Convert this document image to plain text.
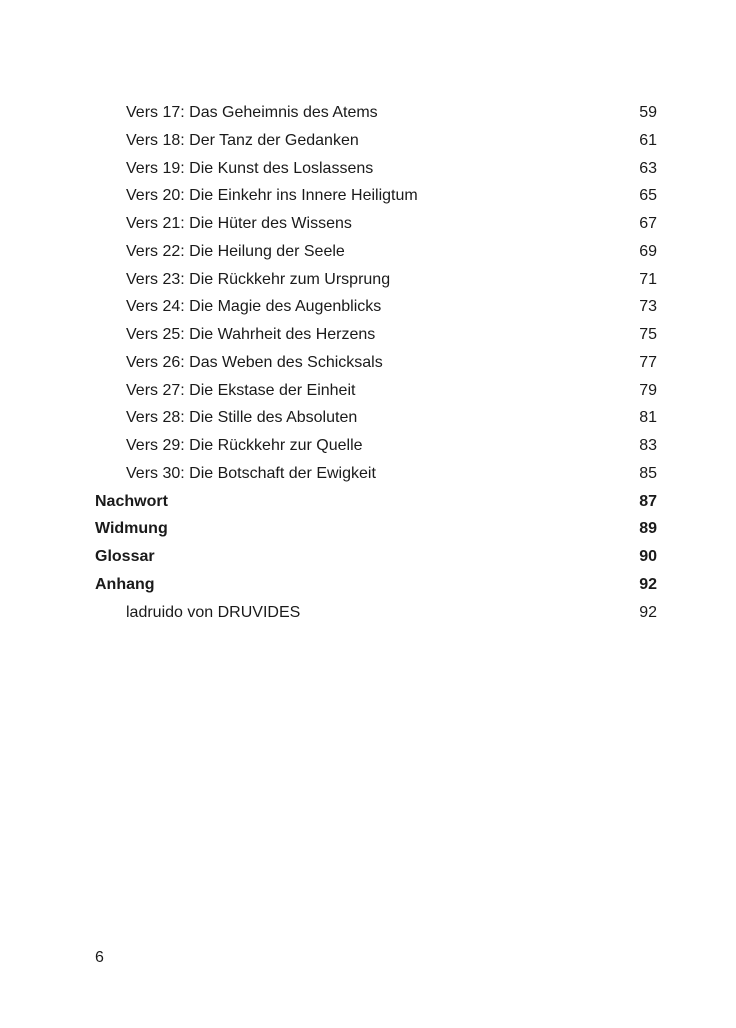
Vers 17: Das Geheimnis des Atems	59
Vers 18: Der Tanz der Gedanken	61
Vers 19: Die Kunst des Loslassens	63
Vers 20: Die Einkehr ins Innere Heiligtum	65
Vers 21: Die Hüter des Wissens	67
Vers 22: Die Heilung der Seele	69
Vers 23: Die Rückkehr zum Ursprung	71
Vers 24: Die Magie des Augenblicks	73
Vers 25: Die Wahrheit des Herzens	75
Vers 26: Das Weben des Schicksals	77
Vers 27: Die Ekstase der Einheit	79
Vers 28: Die Stille des Absoluten	81
Vers 29: Die Rückkehr zur Quelle	83
Vers 30: Die Botschaft der Ewigkeit	85
Nachwort	87
Widmung	89
Glossar	90
Anhang	92
ladruido von DRUVIDES	92
6
